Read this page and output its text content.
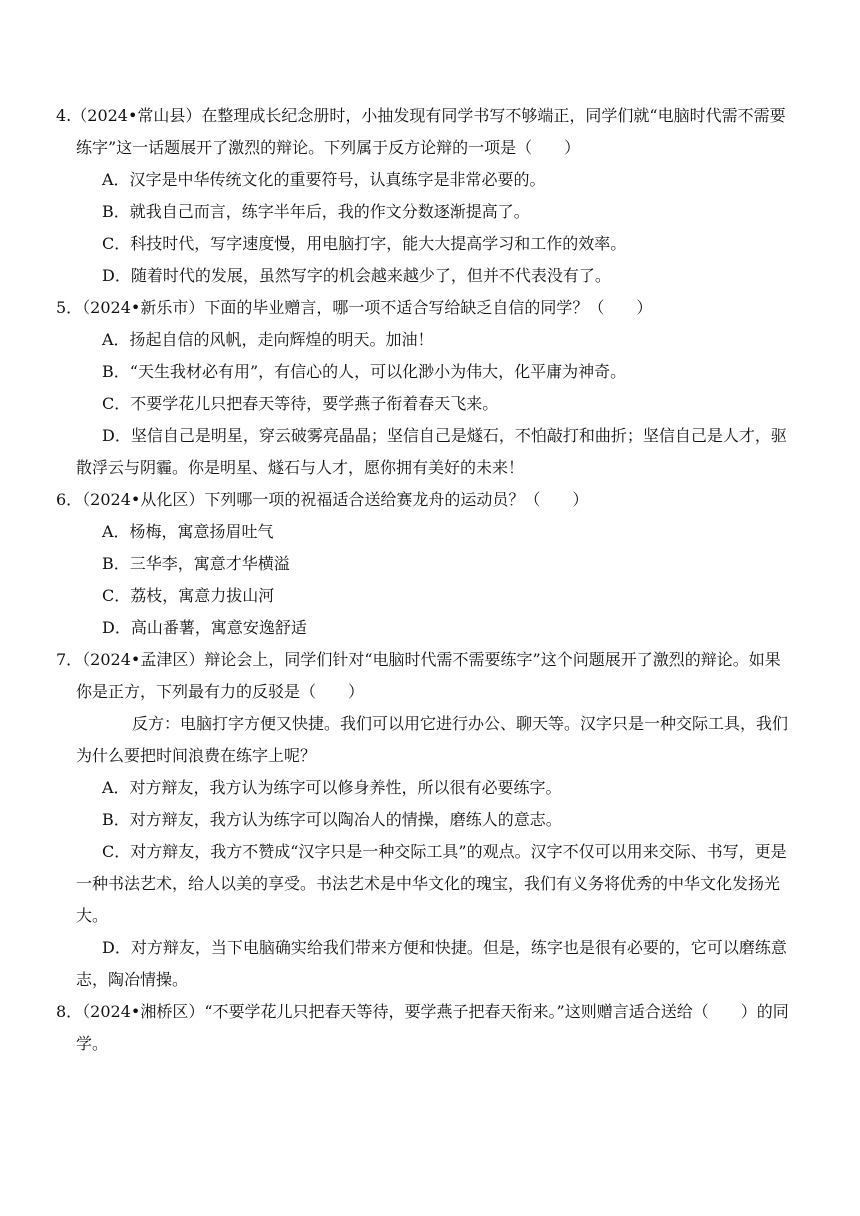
4.（2024•常山县）在整理成长纪念册时，小抽发现有同学书写不够端正，同学们就“电脑时代需不需要练字”这一话题展开了激烈的辩论。下列属于反方论辩的一项是（　　）

A．汉字是中华传统文化的重要符号，认真练字是非常必要的。

B．就我自己而言，练字半年后，我的作文分数逐渐提高了。

C．科技时代，写字速度慢，用电脑打字，能大大提高学习和工作的效率。

D．随着时代的发展，虽然写字的机会越来越少了，但并不代表没有了。

5．（2024•新乐市）下面的毕业赠言，哪一项不适合写给缺乏自信的同学？（　　）

A．扬起自信的风帆，走向辉煌的明天。加油！

B．“天生我材必有用”，有信心的人，可以化渺小为伟大，化平庸为神奇。

C．不要学花儿只把春天等待，要学燕子衔着春天飞来。

D．坚信自己是明星，穿云破雾亮晶晶；坚信自己是燧石，不怕敲打和曲折；坚信自己是人才，驱散浮云与阴霾。你是明星、燧石与人才，愿你拥有美好的未来！

6．（2024•从化区）下列哪一项的祝福适合送给赛龙舟的运动员？（　　）

A．杨梅，寓意扬眉吐气

B．三华李，寓意才华横溢

C．荔枝，寓意力拔山河

D．高山番薯，寓意安逸舒适

7．（2024•孟津区）辩论会上，同学们针对“电脑时代需不需要练字”这个问题展开了激烈的辩论。如果你是正方，下列最有力的反驳是（　　）

反方：电脑打字方便又快捷。我们可以用它进行办公、聊天等。汉字只是一种交际工具，我们为什么要把时间浪费在练字上呢？

A．对方辩友，我方认为练字可以修身养性，所以很有必要练字。

B．对方辩友，我方认为练字可以陶冶人的情操，磨练人的意志。

C．对方辩友，我方不赞成“汉字只是一种交际工具”的观点。汉字不仅可以用来交际、书写，更是一种书法艺术，给人以美的享受。书法艺术是中华文化的瑰宝，我们有义务将优秀的中华文化发扬光大。

D．对方辩友，当下电脑确实给我们带来方便和快捷。但是，练字也是很有必要的，它可以磨练意志，陶冶情操。

8．（2024•湘桥区）“不要学花儿只把春天等待，要学燕子把春天衔来。”这则赠言适合送给（　　）的同学。
